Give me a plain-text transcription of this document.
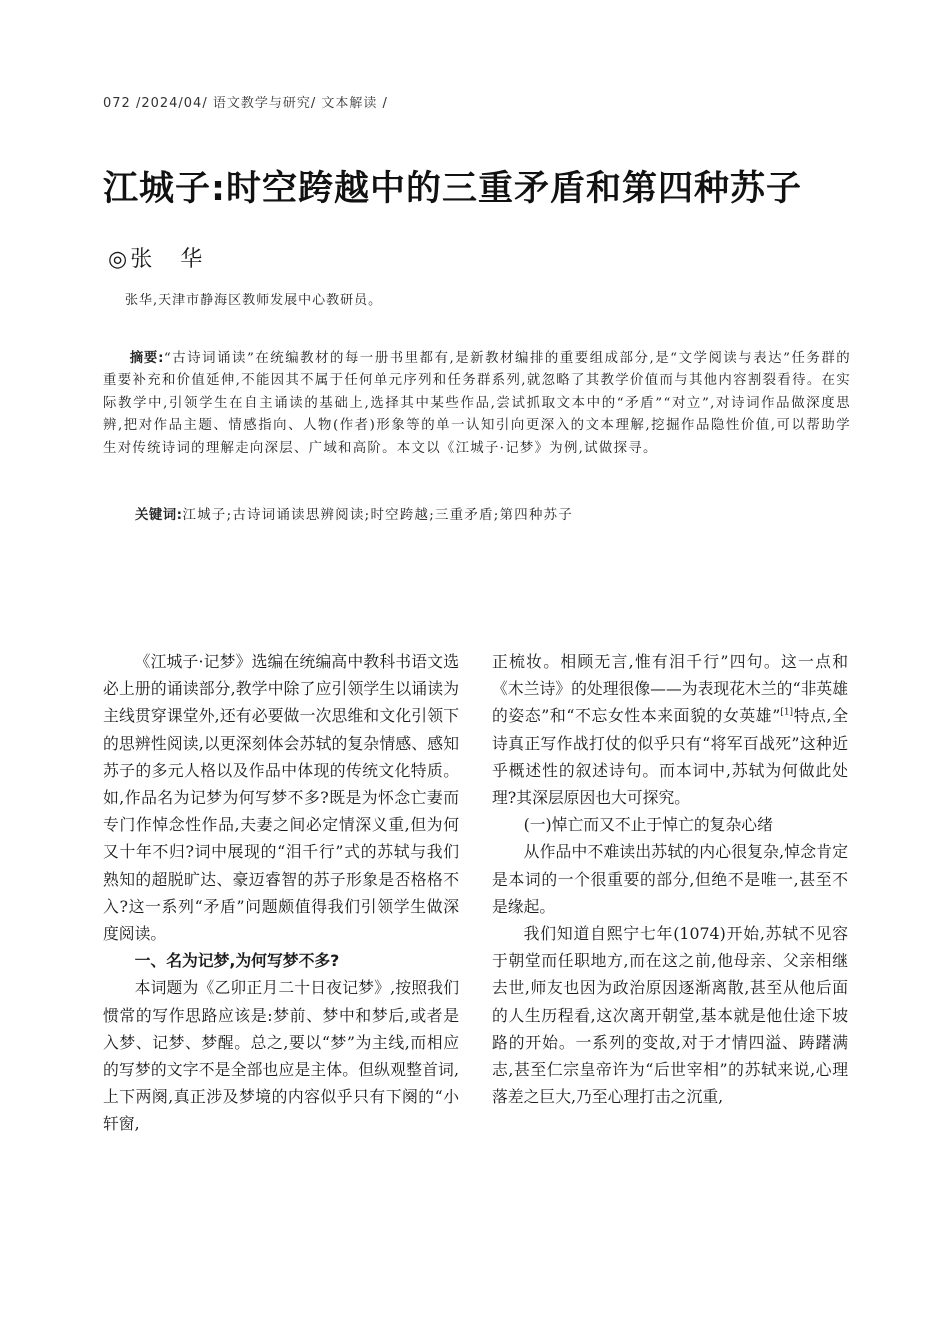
072 /2024/04/ 语文教学与研究/ 文本解读 /
江城子:时空跨越中的三重矛盾和第四种苏子
◎张华
张华,天津市静海区教师发展中心教研员。

摘要:“古诗词诵读”在统编教材的每一册书里都有,是新教材编排的重要组成部分,是“文学阅读与表达”任务群的重要补充和价值延伸,不能因其不属于任何单元序列和任务群系列,就忽略了其教学价值而与其他内容割裂看待。在实际教学中,引领学生在自主诵读的基础上,选择其中某些作品,尝试抓取文本中的“矛盾”“对立”,对诗词作品做深度思辨,把对作品主题、情感指向、人物(作者)形象等的单一认知引向更深入的文本理解,挖掘作品隐性价值,可以帮助学生对传统诗词的理解走向深层、广域和高阶。本文以《江城子·记梦》为例,试做探寻。

关键词:江城子;古诗词诵读思辨阅读;时空跨越;三重矛盾;第四种苏子

《江城子·记梦》选编在统编高中教科书语文选必上册的诵读部分,教学中除了应引领学生以诵读为主线贯穿课堂外,还有必要做一次思维和文化引领下的思辨性阅读,以更深刻体会苏轼的复杂情感、感知苏子的多元人格以及作品中体现的传统文化特质。如,作品名为记梦为何写梦不多?既是为怀念亡妻而专门作悼念性作品,夫妻之间必定情深义重,但为何又十年不归?词中展现的“泪千行”式的苏轼与我们熟知的超脱旷达、豪迈睿智的苏子形象是否格格不入?这一系列“矛盾”问题颇值得我们引领学生做深度阅读。

一、名为记梦,为何写梦不多?

本词题为《乙卯正月二十日夜记梦》,按照我们惯常的写作思路应该是:梦前、梦中和梦后,或者是入梦、记梦、梦醒。总之,要以“梦”为主线,而相应的写梦的文字不是全部也应是主体。但纵观整首词,上下两阕,真正涉及梦境的内容似乎只有下阕的“小轩窗,

正梳妆。相顾无言,惟有泪千行”四句。这一点和《木兰诗》的处理很像——为表现花木兰的“非英雄的姿态”和“不忘女性本来面貌的女英雄”[1]特点,全诗真正写作战打仗的似乎只有“将军百战死”这种近乎概述性的叙述诗句。而本词中,苏轼为何做此处理?其深层原因也大可探究。

(一)悼亡而又不止于悼亡的复杂心绪

从作品中不难读出苏轼的内心很复杂,悼念肯定是本词的一个很重要的部分,但绝不是唯一,甚至不是缘起。

我们知道自熙宁七年(1074)开始,苏轼不见容于朝堂而任职地方,而在这之前,他母亲、父亲相继去世,师友也因为政治原因逐渐离散,甚至从他后面的人生历程看,这次离开朝堂,基本就是他仕途下坡路的开始。一系列的变故,对于才情四溢、踌躇满志,甚至仁宗皇帝许为“后世宰相”的苏轼来说,心理落差之巨大,乃至心理打击之沉重,
